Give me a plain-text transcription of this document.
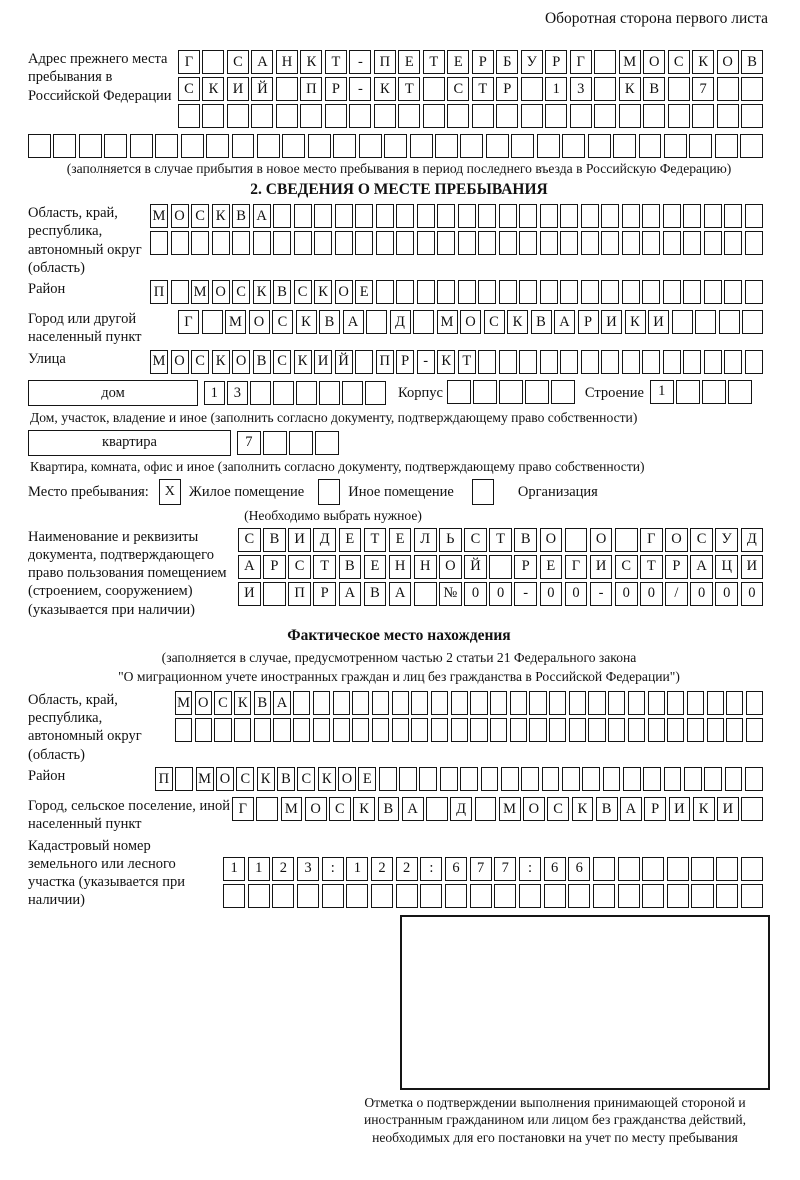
Оборотная сторона первого листа
Адрес прежнего места пребывания в Российской Федерации
Г	С А Н К	Т	-	П	Е	Т	Е	Р	Б	У	Р	Г	М О С	К О В
С	К И Й	П	Р	-	К	Т	С	Т	Р	1	3	К	В	7
(заполняется в случае прибытия в новое место пребывания в период последнего въезда в Российскую Федерацию)
2. СВЕДЕНИЯ О МЕСТЕ ПРЕБЫВАНИЯ
Область, край, республика, автономный округ (область)
М О С К В А
Район	П М О С К В С К О Е
Город или другой населенный пункт
Г	М О С К В А	Д	М О С К В А Р И К И
Улица	М О С К О В С К И Й П Р - К Т
дом	1	3	Корпус	Строение 1
Дом, участок, владение и иное (заполнить согласно документу, подтверждающему право собственности)
квартира	7
Квартира, комната, офис и иное (заполнить согласно документу, подтверждающему право собственности)
Место пребывания:	X Жилое помещение	Иное помещение	Организация
(Необходимо выбрать нужное)
Наименование и реквизиты документа, подтверждающего право пользования помещением (строением, сооружением) (указывается при наличии)
С	В	И	Д	Е	Т	Е	Л	Ь	С	Т	В	О	О	Г	О	С	У	Д
А	Р	С	Т	В	Е	Н	Н	О	Й	Р	Е	Г	И	С	Т	Р	А	Ц	И
И	П	Р	А	В	А	№	0	0	-	0	0	-	0	0	/	0	0	0
Фактическое место нахождения
(заполняется в случае, предусмотренном частью 2 статьи 21 Федерального закона
"О миграционном учете иностранных граждан и лиц без гражданства в Российской Федерации")
Область, край, республика, автономный округ (область)
М О С К В А
Район	П М О С К В С К О Е
Город, сельское поселение, иной населенный пункт
Г	М О С	К	В А	Д	М О С	К	В А	Р	И К И
Кадастровый номер земельного или лесного участка (указывается при наличии)
1	1	2	3	:	1	2	2	:	6	7	7	:	6	6
Отметка о подтверждении выполнения принимающей стороной и иностранным гражданином или лицом без гражданства действий, необходимых для его постановки на учет по месту пребывания
